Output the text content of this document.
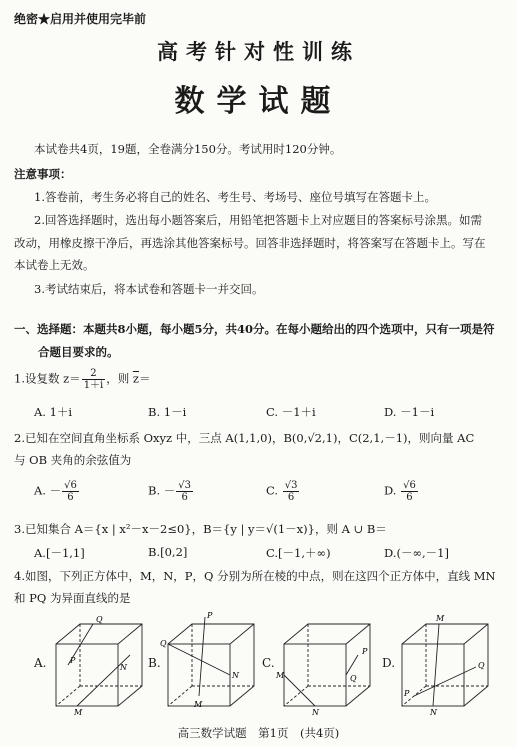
绝密★启用并使用完毕前
高考针对性训练
数学试题
本试卷共4页，19题，全卷满分150分。考试用时120分钟。
注意事项：
1.答卷前，考生务必将自己的姓名、考生号、考场号、座位号填写在答题卡上。
2.回答选择题时，选出每小题答案后，用铅笔把答题卡上对应题目的答案标号涂黑。如需
改动，用橡皮擦干净后，再选涂其他答案标号。回答非选择题时，将答案写在答题卡上。写在
本试卷上无效。
3.考试结束后，将本试卷和答题卡一并交回。
一、选择题：本题共8小题，每小题5分，共40分。在每小题给出的四个选项中，只有一项是符
合题目要求的。
1.设复数 $z= \frac{2}{1+i}$ ，则 $\overline{z}=$
A. 1＋i	B. 1－i	C. －1＋i	D. －1－i
2.已知在空间直角坐标系 Oxyz 中，三点 A(1,1,0)，B(0,√2,1)，C(2,1,－1)，则向量 AC
与 OB 夹角的余弦值为
A. － $\frac{√6}{6}$	B. － $\frac{√3}{6}$	C. $\frac{√3}{6}$	D. $\frac{√6}{6}$
3.已知集合 A＝{x | x²－x－2≤0}，B＝{y | y＝√(1－x)}，则 A ∪ B＝
A.[－1,1]	B.[0,2]	C.[－1,＋∞)	D.(－∞,－1]
4.如图，下列正方体中，M，N，P，Q 分别为所在棱的中点，则在这四个正方体中，直线 MN
和 PQ 为异面直线的是
A.
Q
P
N
M
B.
P
Q
N
M
C.
M
P
Q
N
D.
M
Q
P
N
高三数学试题　第1页　(共4页)
